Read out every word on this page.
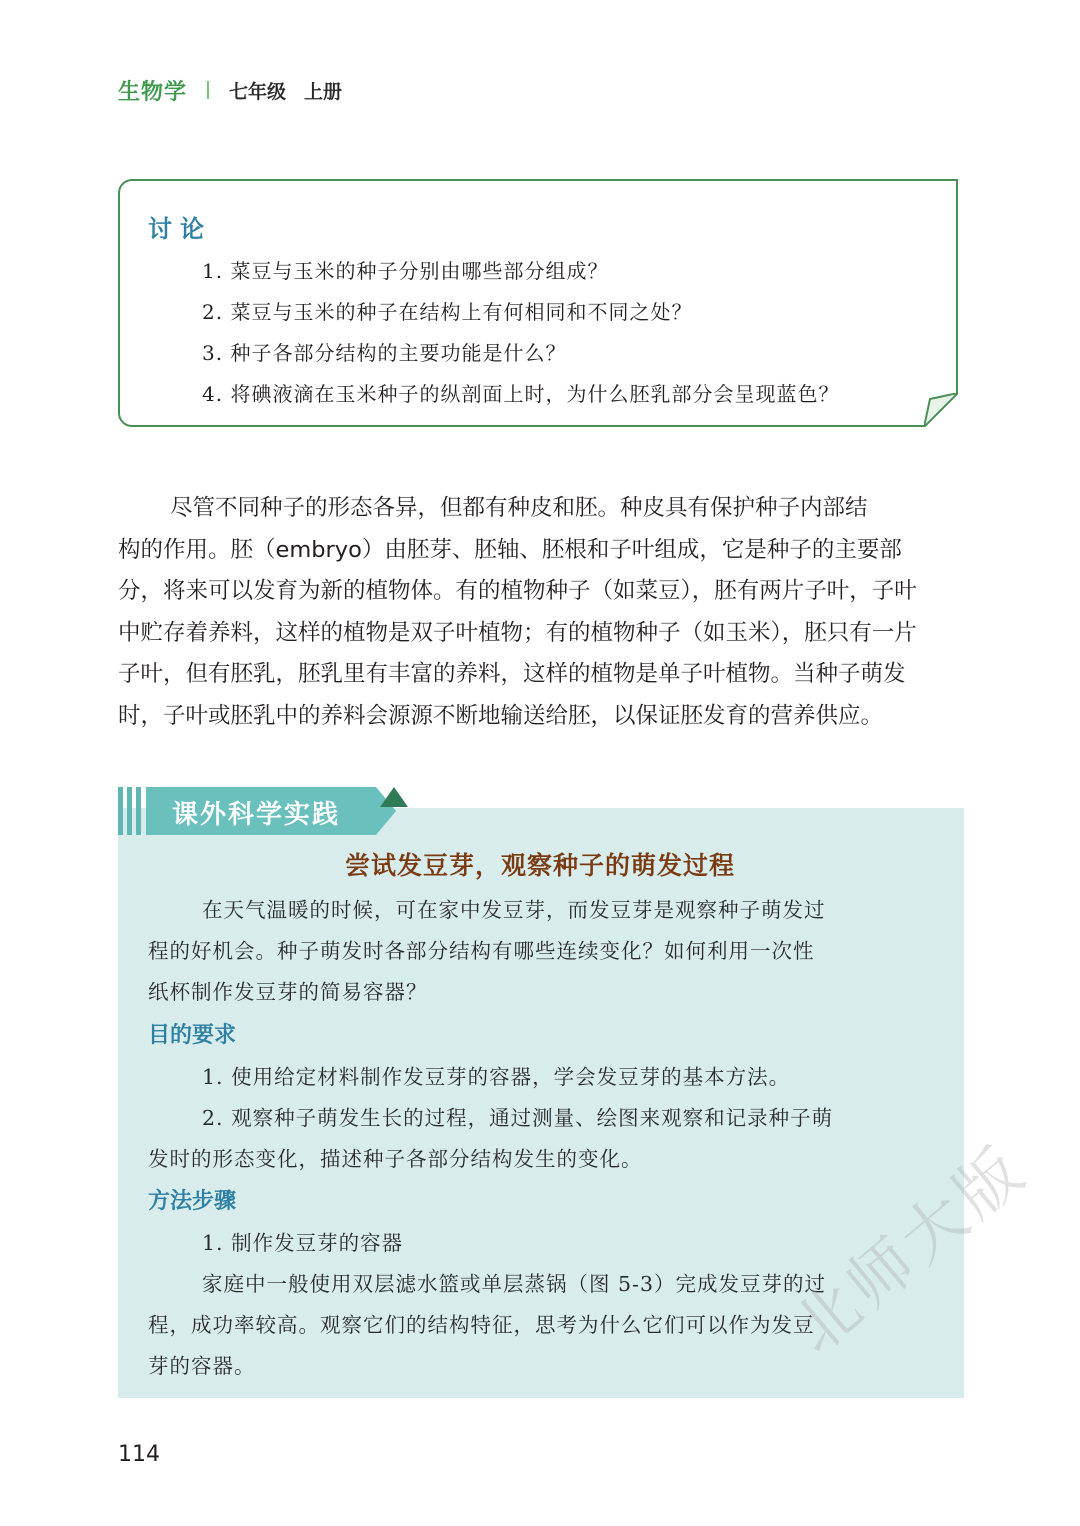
生物学 七年级 上册
讨论
1. 菜豆与玉米的种子分别由哪些部分组成？
2. 菜豆与玉米的种子在结构上有何相同和不同之处？
3. 种子各部分结构的主要功能是什么？
4. 将碘液滴在玉米种子的纵剖面上时，为什么胚乳部分会呈现蓝色？

尽管不同种子的形态各异，但都有种皮和胚。种皮具有保护种子内部结
构的作用。胚（embryo）由胚芽、胚轴、胚根和子叶组成，它是种子的主要部
分，将来可以发育为新的植物体。有的植物种子（如菜豆），胚有两片子叶，子叶
中贮存着养料，这样的植物是双子叶植物；有的植物种子（如玉米），胚只有一片
子叶，但有胚乳，胚乳里有丰富的养料，这样的植物是单子叶植物。当种子萌发
时，子叶或胚乳中的养料会源源不断地输送给胚，以保证胚发育的营养供应。

课外科学实践
尝试发豆芽，观察种子的萌发过程
在天气温暖的时候，可在家中发豆芽，而发豆芽是观察种子萌发过
程的好机会。种子萌发时各部分结构有哪些连续变化？如何利用一次性
纸杯制作发豆芽的简易容器？
目的要求
1. 使用给定材料制作发豆芽的容器，学会发豆芽的基本方法。
2. 观察种子萌发生长的过程，通过测量、绘图来观察和记录种子萌
发时的形态变化，描述种子各部分结构发生的变化。
方法步骤
1. 制作发豆芽的容器
家庭中一般使用双层滤水篮或单层蒸锅（图 5-3）完成发豆芽的过
程，成功率较高。观察它们的结构特征，思考为什么它们可以作为发豆
芽的容器。
114
北师大版
